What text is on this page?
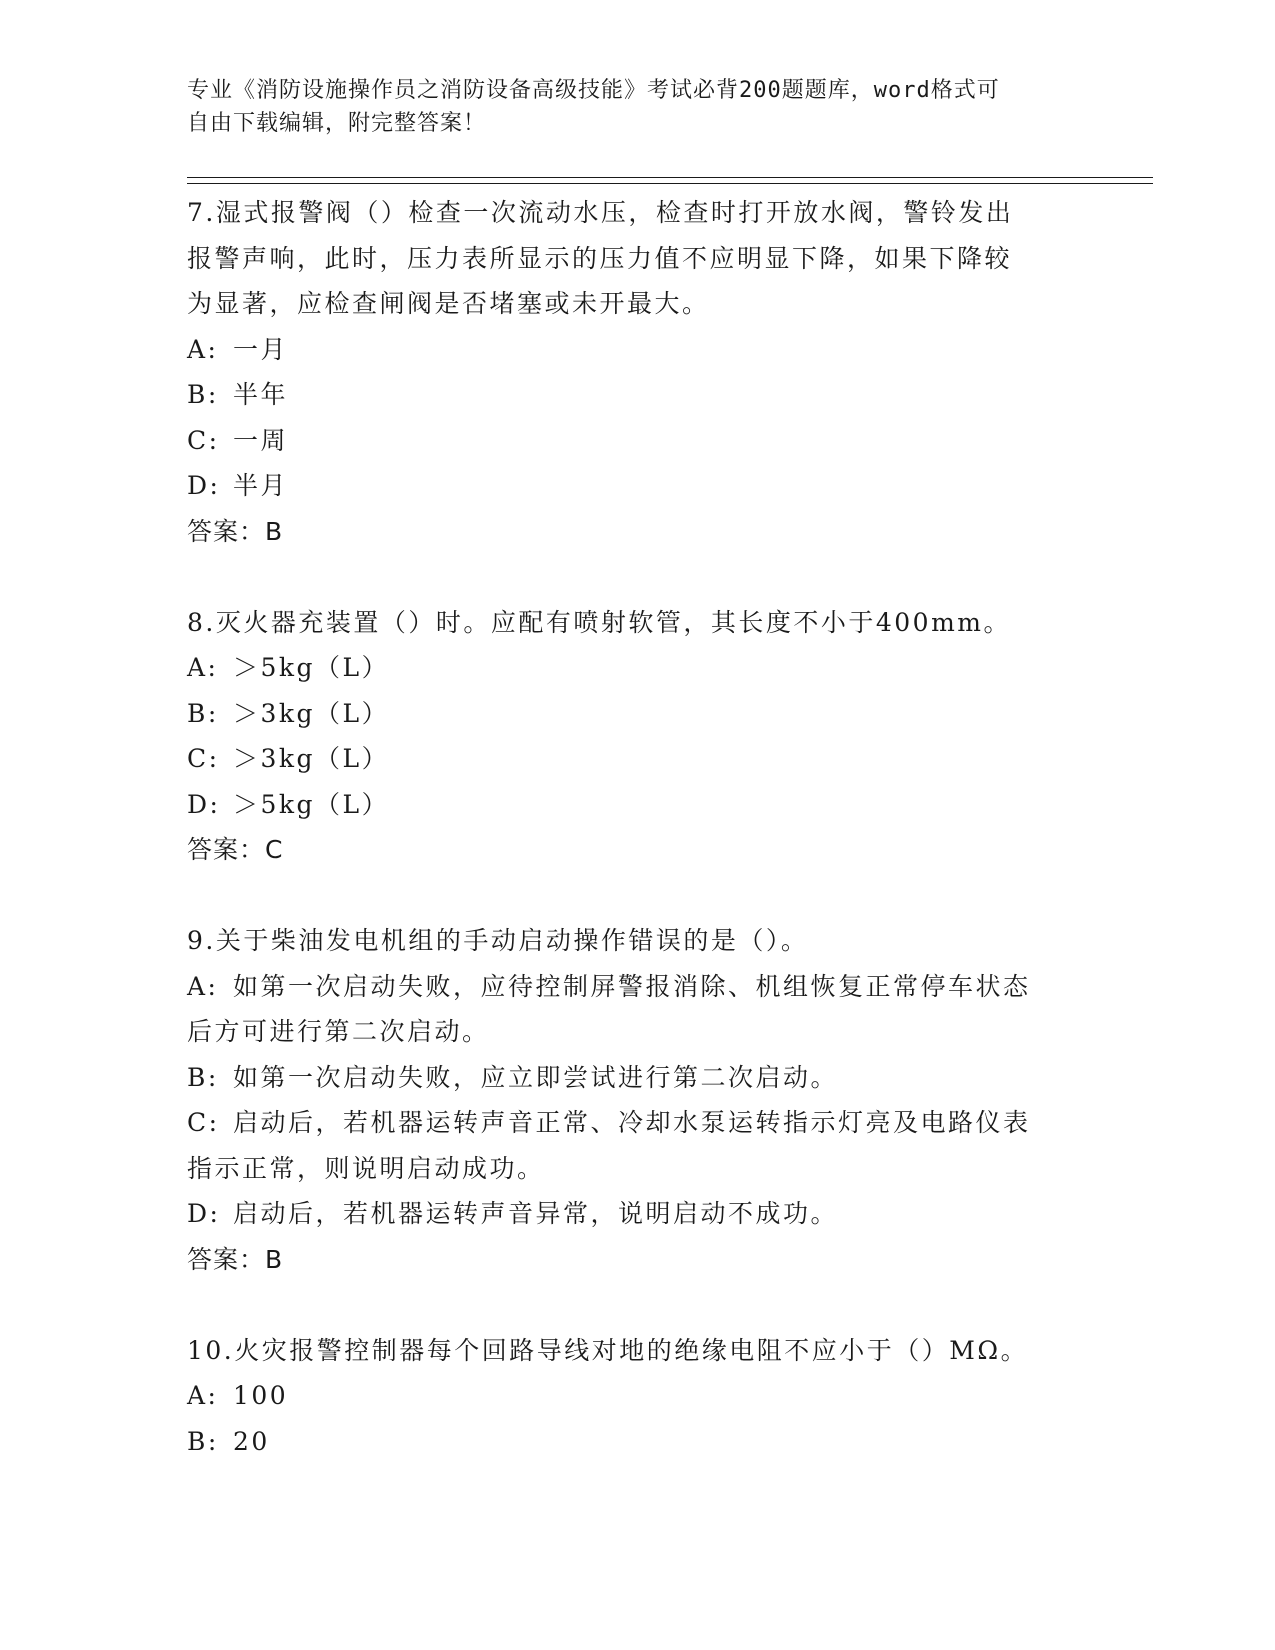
专业《消防设施操作员之消防设备高级技能》考试必背200题题库，word格式可
自由下载编辑，附完整答案！

7.湿式报警阀（）检查一次流动水压，检查时打开放水阀，警铃发出

报警声响，此时，压力表所显示的压力值不应明显下降，如果下降较

为显著，应检查闸阀是否堵塞或未开最大。

A: 一月

B: 半年

C: 一周

D: 半月

答案：B

8.灭火器充装置（）时。应配有喷射软管，其长度不小于400mm。

A: ＞5kg（L）

B: ＞3kg（L）

C: ＞3kg（L）

D: ＞5kg（L）

答案：C

9.关于柴油发电机组的手动启动操作错误的是（）。

A: 如第一次启动失败，应待控制屏警报消除、机组恢复正常停车状态

后方可进行第二次启动。

B: 如第一次启动失败，应立即尝试进行第二次启动。

C: 启动后，若机器运转声音正常、冷却水泵运转指示灯亮及电路仪表

指示正常，则说明启动成功。

D: 启动后，若机器运转声音异常，说明启动不成功。

答案：B

10.火灾报警控制器每个回路导线对地的绝缘电阻不应小于（）MΩ。

A: 100

B: 20
